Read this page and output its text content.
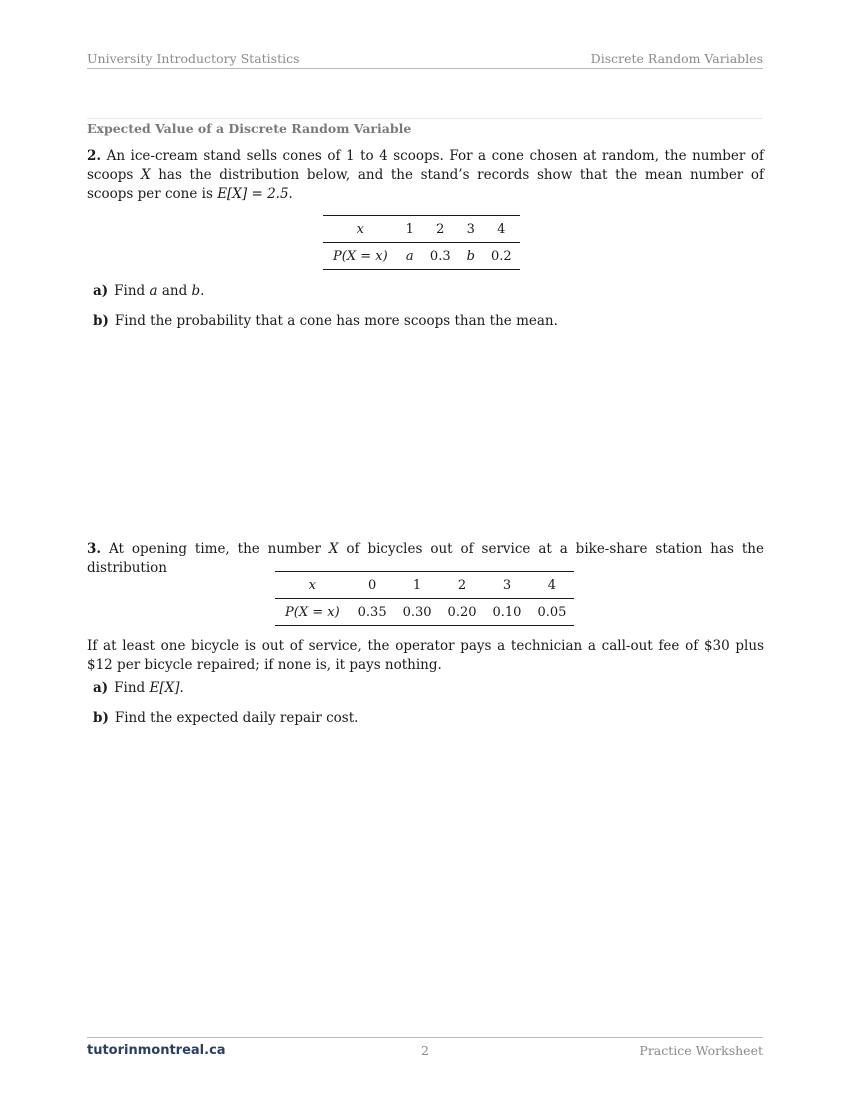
University Introductory Statistics	Discrete Random Variables
Expected Value of a Discrete Random Variable
2. An ice-cream stand sells cones of 1 to 4 scoops. For a cone chosen at random, the number of scoops X has the distribution below, and the stand’s records show that the mean number of scoops per cone is E[X] = 2.5.
x	1	2	3	4
P(X = x)	a	0.3	b	0.2
a) Find a and b.
b) Find the probability that a cone has more scoops than the mean.
3. At opening time, the number X of bicycles out of service at a bike-share station has the distribution
x	0	1	2	3	4
P(X = x)	0.35	0.30	0.20	0.10	0.05
If at least one bicycle is out of service, the operator pays a technician a call-out fee of $30 plus $12 per bicycle repaired; if none is, it pays nothing.
a) Find E[X].
b) Find the expected daily repair cost.
tutorinmontreal.ca	2	Practice Worksheet
